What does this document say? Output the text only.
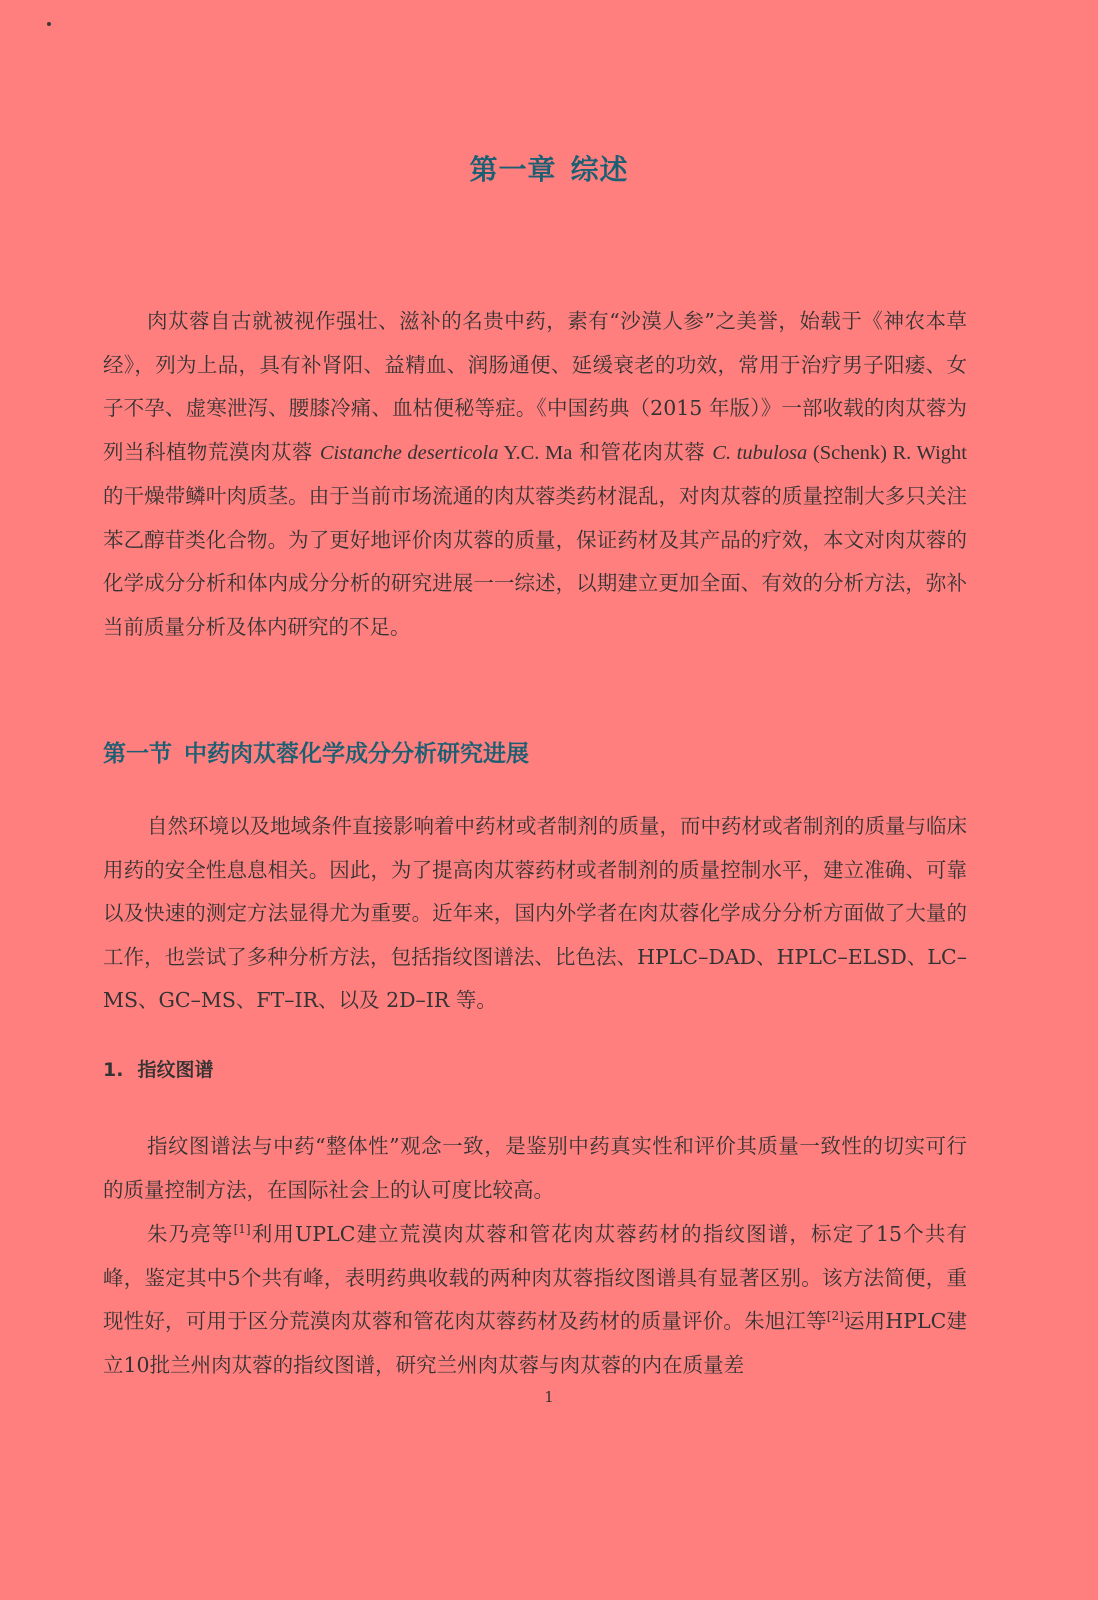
第一章 综述

肉苁蓉自古就被视作强壮、滋补的名贵中药，素有“沙漠人参”之美誉，始载于《神农本草经》，列为上品，具有补肾阳、益精血、润肠通便、延缓衰老的功效，常用于治疗男子阳痿、女子不孕、虚寒泄泻、腰膝冷痛、血枯便秘等症。《中国药典（2015 年版）》一部收载的肉苁蓉为列当科植物荒漠肉苁蓉 Cistanche deserticola Y.C. Ma 和管花肉苁蓉 C. tubulosa (Schenk) R. Wight 的干燥带鳞叶肉质茎。由于当前市场流通的肉苁蓉类药材混乱，对肉苁蓉的质量控制大多只关注苯乙醇苷类化合物。为了更好地评价肉苁蓉的质量，保证药材及其产品的疗效，本文对肉苁蓉的化学成分分析和体内成分分析的研究进展一一综述，以期建立更加全面、有效的分析方法，弥补当前质量分析及体内研究的不足。

第一节 中药肉苁蓉化学成分分析研究进展

自然环境以及地域条件直接影响着中药材或者制剂的质量，而中药材或者制剂的质量与临床用药的安全性息息相关。因此，为了提高肉苁蓉药材或者制剂的质量控制水平，建立准确、可靠以及快速的测定方法显得尤为重要。近年来，国内外学者在肉苁蓉化学成分分析方面做了大量的工作，也尝试了多种分析方法，包括指纹图谱法、比色法、HPLC–DAD、HPLC–ELSD、LC–MS、GC–MS、FT–IR、以及 2D–IR 等。

1. 指纹图谱

指纹图谱法与中药“整体性”观念一致，是鉴别中药真实性和评价其质量一致性的切实可行的质量控制方法，在国际社会上的认可度比较高。

朱乃亮等[1]利用UPLC建立荒漠肉苁蓉和管花肉苁蓉药材的指纹图谱，标定了15个共有峰，鉴定其中5个共有峰，表明药典收载的两种肉苁蓉指纹图谱具有显著区别。该方法简便，重现性好，可用于区分荒漠肉苁蓉和管花肉苁蓉药材及药材的质量评价。朱旭江等[2]运用HPLC建立10批兰州肉苁蓉的指纹图谱，研究兰州肉苁蓉与肉苁蓉的内在质量差

1
